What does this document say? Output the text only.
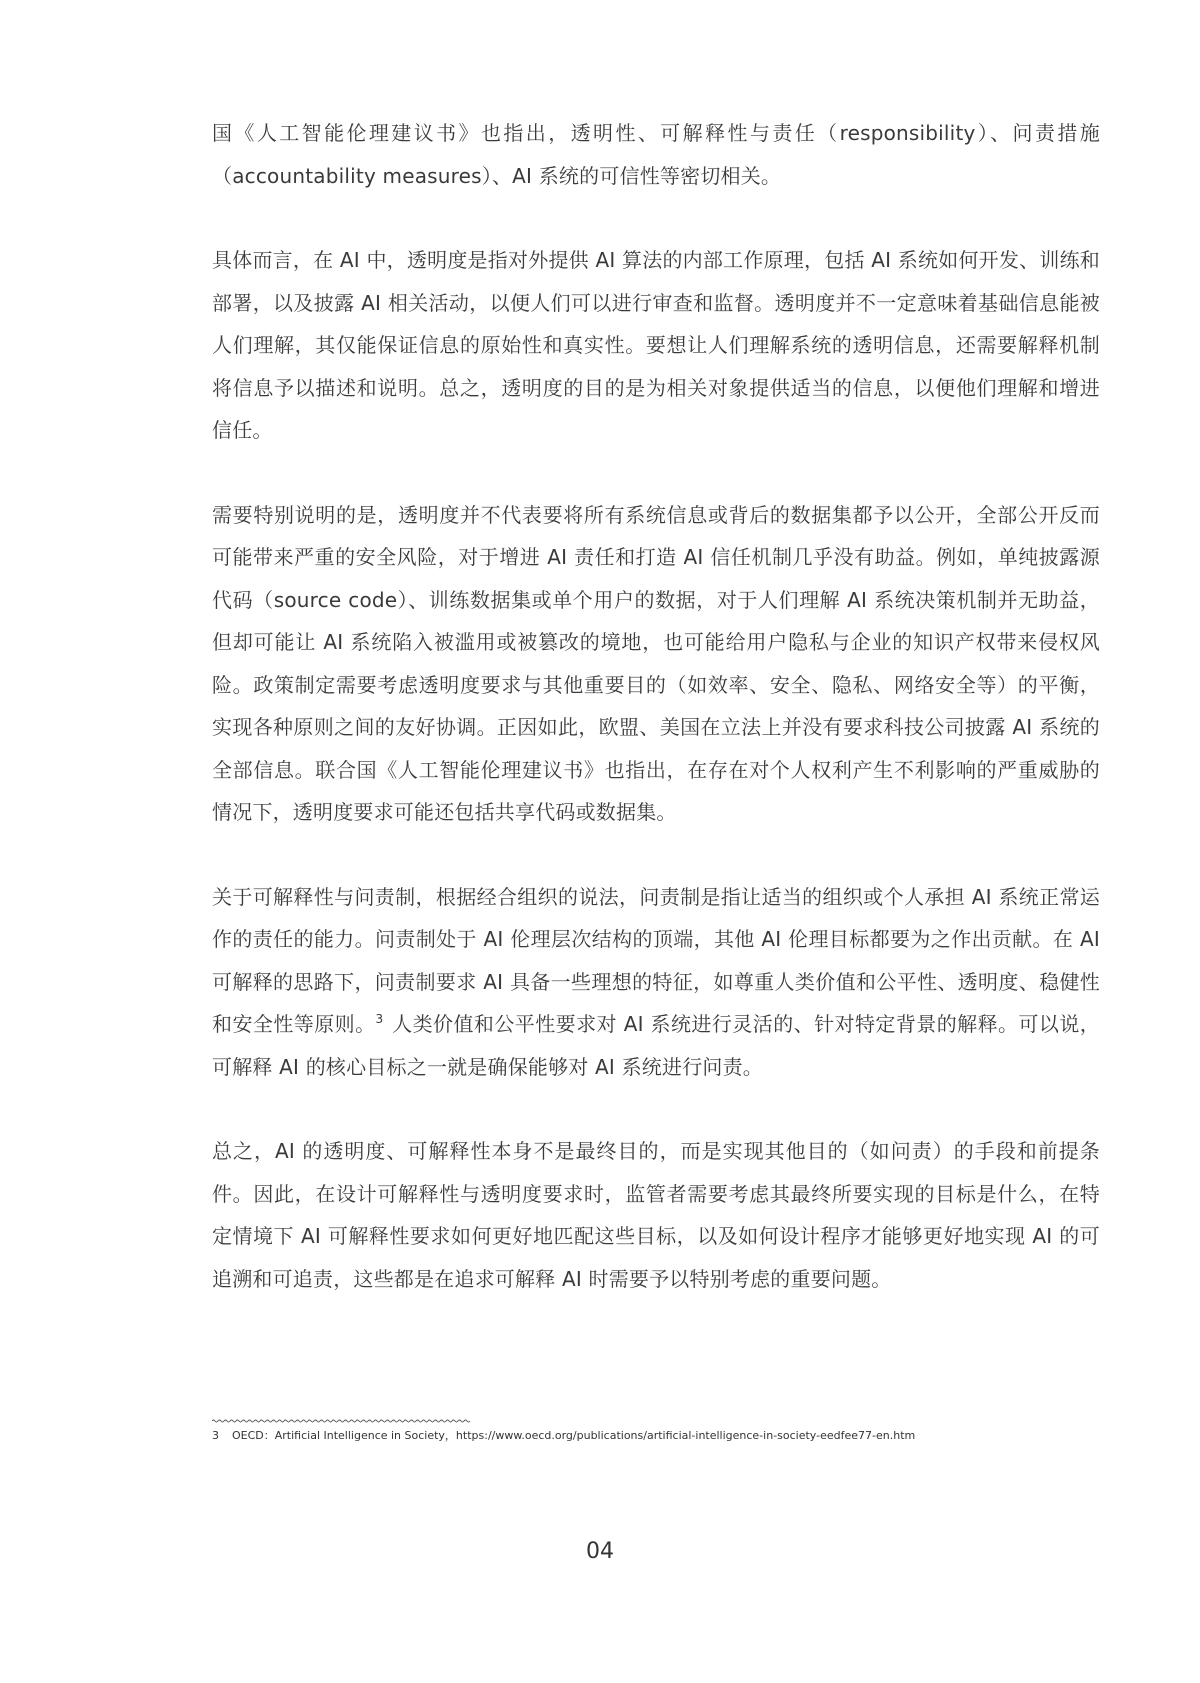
国《人工智能伦理建议书》也指出，透明性、可解释性与责任（responsibility）、问责措施（accountability measures）、AI 系统的可信性等密切相关。

具体而言，在 AI 中，透明度是指对外提供 AI 算法的内部工作原理，包括 AI 系统如何开发、训练和部署，以及披露 AI 相关活动，以便人们可以进行审查和监督。透明度并不一定意味着基础信息能被人们理解，其仅能保证信息的原始性和真实性。要想让人们理解系统的透明信息，还需要解释机制将信息予以描述和说明。总之，透明度的目的是为相关对象提供适当的信息，以便他们理解和增进信任。

需要特别说明的是，透明度并不代表要将所有系统信息或背后的数据集都予以公开，全部公开反而可能带来严重的安全风险，对于增进 AI 责任和打造 AI 信任机制几乎没有助益。例如，单纯披露源代码（source code）、训练数据集或单个用户的数据，对于人们理解 AI 系统决策机制并无助益，但却可能让 AI 系统陷入被滥用或被篡改的境地，也可能给用户隐私与企业的知识产权带来侵权风险。政策制定需要考虑透明度要求与其他重要目的（如效率、安全、隐私、网络安全等）的平衡，实现各种原则之间的友好协调。正因如此，欧盟、美国在立法上并没有要求科技公司披露 AI 系统的全部信息。联合国《人工智能伦理建议书》也指出，在存在对个人权利产生不利影响的严重威胁的情况下，透明度要求可能还包括共享代码或数据集。

关于可解释性与问责制，根据经合组织的说法，问责制是指让适当的组织或个人承担 AI 系统正常运作的责任的能力。问责制处于 AI 伦理层次结构的顶端，其他 AI 伦理目标都要为之作出贡献。在 AI 可解释的思路下，问责制要求 AI 具备一些理想的特征，如尊重人类价值和公平性、透明度、稳健性和安全性等原则。$^3$ 人类价值和公平性要求对 AI 系统进行灵活的、针对特定背景的解释。可以说，可解释 AI 的核心目标之一就是确保能够对 AI 系统进行问责。

总之，AI 的透明度、可解释性本身不是最终目的，而是实现其他目的（如问责）的手段和前提条件。因此，在设计可解释性与透明度要求时，监管者需要考虑其最终所要实现的目标是什么，在特定情境下 AI 可解释性要求如何更好地匹配这些目标，以及如何设计程序才能够更好地实现 AI 的可追溯和可追责，这些都是在追求可解释 AI 时需要予以特别考虑的重要问题。

3 OECD：Artificial Intelligence in Society，https://www.oecd.org/publications/artificial-intelligence-in-society-eedfee77-en.htm
04
